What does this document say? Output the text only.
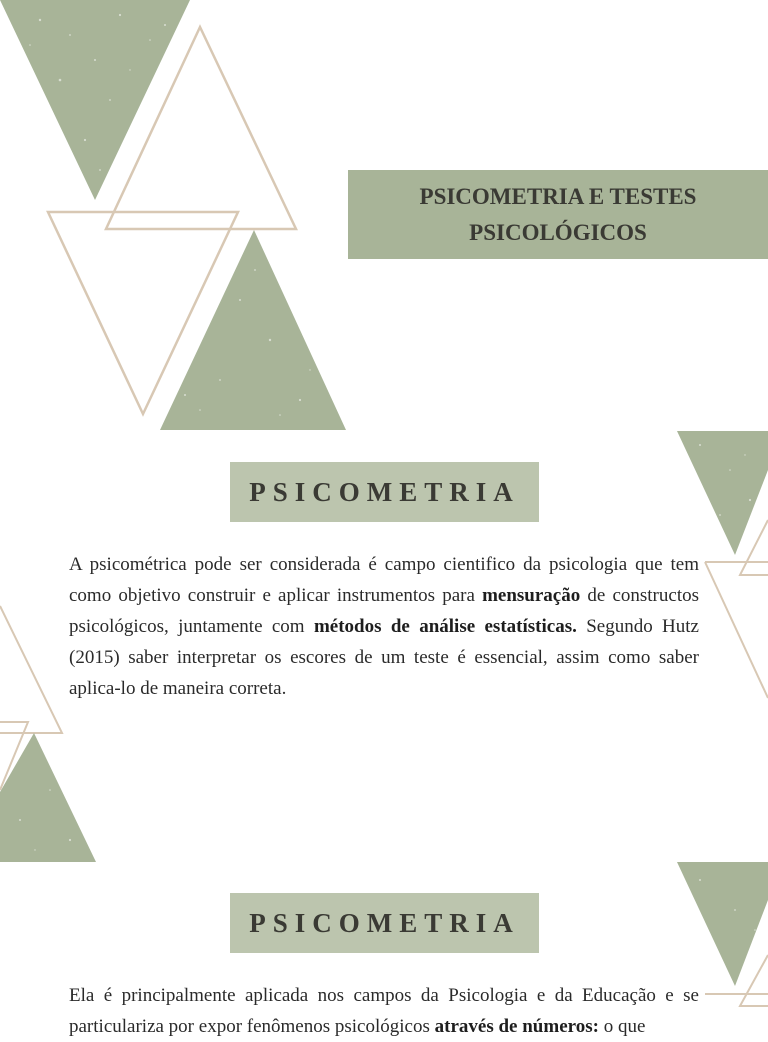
PSICOMETRIA E TESTES
PSICOLÓGICOS
PSICOMETRIA
A psicométrica pode ser considerada é campo cientifico da psicologia que tem como objetivo construir e aplicar instrumentos para mensuração de constructos psicológicos, juntamente com métodos de análise estatísticas. Segundo Hutz (2015) saber interpretar os escores de um teste é essencial, assim como saber aplica-lo de maneira correta.
PSICOMETRIA
Ela é principalmente aplicada nos campos da Psicologia e da Educação e se particulariza por expor fenômenos psicológicos através de números: o que
